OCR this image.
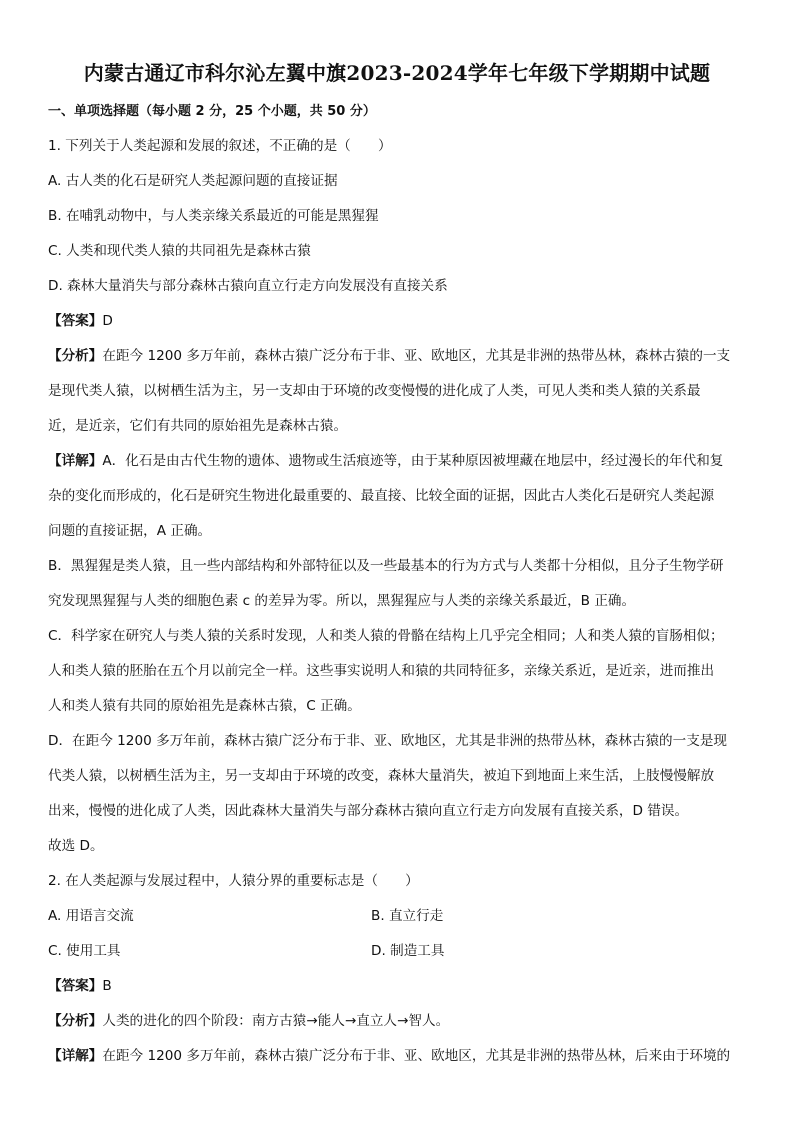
内蒙古通辽市科尔沁左翼中旗2023-2024学年七年级下学期期中试题
一、单项选择题（每小题 2 分，25 个小题，共 50 分）
1. 下列关于人类起源和发展的叙述，不正确的是（　　）
A. 古人类的化石是研究人类起源问题的直接证据
B. 在哺乳动物中，与人类亲缘关系最近的可能是黑猩猩
C. 人类和现代类人猿的共同祖先是森林古猿
D. 森林大量消失与部分森林古猿向直立行走方向发展没有直接关系
【答案】D
【分析】在距今 1200 多万年前，森林古猿广泛分布于非、亚、欧地区，尤其是非洲的热带丛林，森林古猿的一支
是现代类人猿，以树栖生活为主，另一支却由于环境的改变慢慢的进化成了人类，可见人类和类人猿的关系最
近，是近亲，它们有共同的原始祖先是森林古猿。
【详解】A．化石是由古代生物的遗体、遗物或生活痕迹等，由于某种原因被埋藏在地层中，经过漫长的年代和复
杂的变化而形成的，化石是研究生物进化最重要的、最直接、比较全面的证据，因此古人类化石是研究人类起源
问题的直接证据，A 正确。
B．黑猩猩是类人猿，且一些内部结构和外部特征以及一些最基本的行为方式与人类都十分相似，且分子生物学研
究发现黑猩猩与人类的细胞色素 c 的差异为零。所以，黑猩猩应与人类的亲缘关系最近，B 正确。
C．科学家在研究人与类人猿的关系时发现，人和类人猿的骨骼在结构上几乎完全相同；人和类人猿的盲肠相似；
人和类人猿的胚胎在五个月以前完全一样。这些事实说明人和猿的共同特征多，亲缘关系近，是近亲，进而推出
人和类人猿有共同的原始祖先是森林古猿，C 正确。
D．在距今 1200 多万年前，森林古猿广泛分布于非、亚、欧地区，尤其是非洲的热带丛林，森林古猿的一支是现
代类人猿，以树栖生活为主，另一支却由于环境的改变，森林大量消失，被迫下到地面上来生活，上肢慢慢解放
出来，慢慢的进化成了人类，因此森林大量消失与部分森林古猿向直立行走方向发展有直接关系，D 错误。
故选 D。
2. 在人类起源与发展过程中，人猿分界的重要标志是（　　）
A. 用语言交流	B. 直立行走
C. 使用工具	D. 制造工具
【答案】B
【分析】人类的进化的四个阶段：南方古猿→能人→直立人→智人。
【详解】在距今 1200 多万年前，森林古猿广泛分布于非、亚、欧地区，尤其是非洲的热带丛林，后来由于环境的
